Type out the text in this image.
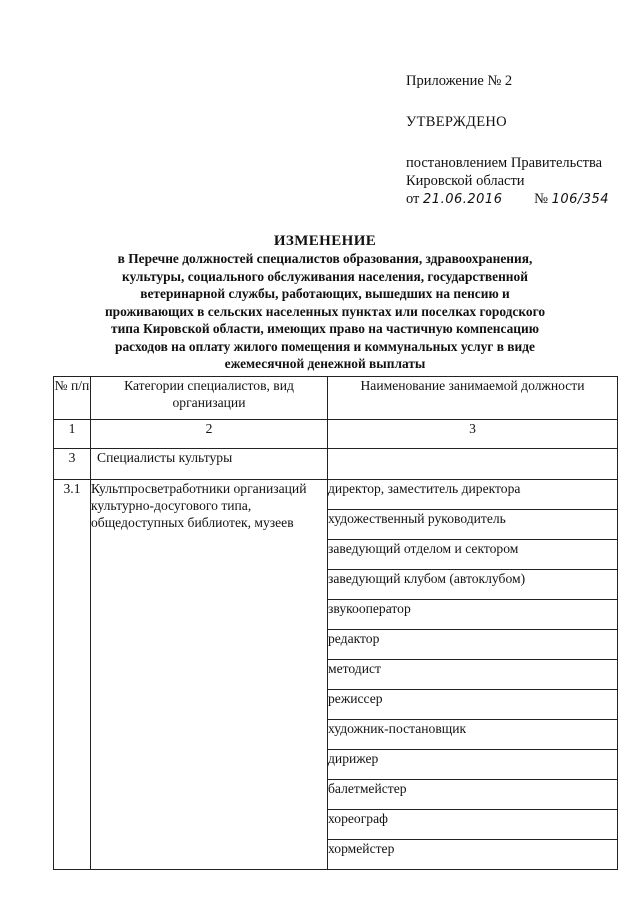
Приложение № 2

УТВЕРЖДЕНО

постановлением Правительства

Кировской области

от 21.06.2016 № 106/354

ИЗМЕНЕНИЕ
в Перечне должностей специалистов образования, здравоохранения,
культуры, социального обслуживания населения, государственной
ветеринарной службы, работающих, вышедших на пенсию и
проживающих в сельских населенных пунктах или поселках городского
типа Кировской области, имеющих право на частичную компенсацию
расходов на оплату жилого помещения и коммунальных услуг в виде
ежемесячной денежной выплаты
№ п/п	Категории специалистов, вид организации	Наименование занимаемой должности
1	2	3
3	Специалисты культуры	
3.1	Культпросветработники организаций культурно-досугового типа, общедоступных библиотек, музеев	директор, заместитель директора
		художественный руководитель
		заведующий отделом и сектором
		заведующий клубом (автоклубом)
		звукооператор
		редактор
		методист
		режиссер
		художник-постановщик
		дирижер
		балетмейстер
		хореограф
		хормейстер
